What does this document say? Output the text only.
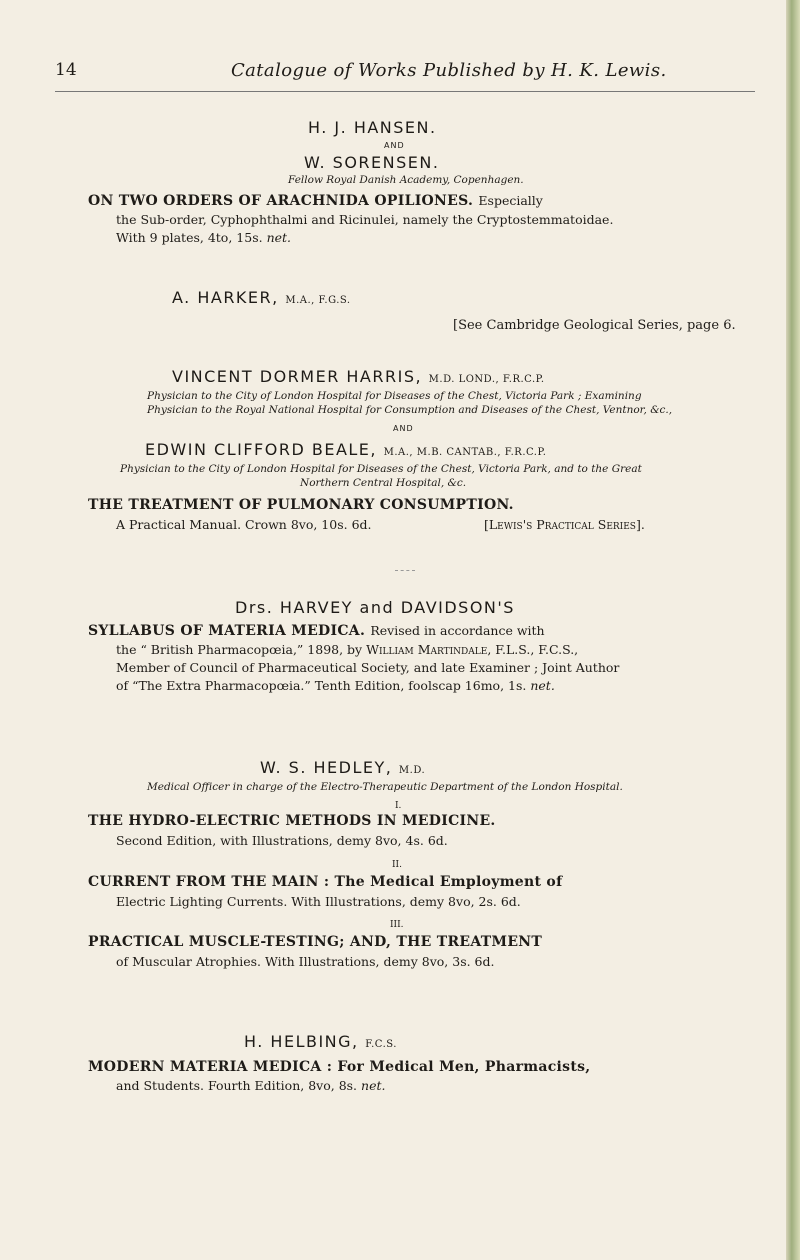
14	Catalogue of Works Published by H. K. Lewis.
H. J. HANSEN.
AND
W. SORENSEN.
Fellow Royal Danish Academy, Copenhagen.
ON TWO ORDERS OF ARACHNIDA OPILIONES. Especially
the Sub-order, Cyphophthalmi and Ricinulei, namely the Cryptostemmatoidae.
With 9 plates, 4to, 15s. net.
A. HARKER, M.A., F.G.S.
[See Cambridge Geological Series, page 6.
VINCENT DORMER HARRIS, M.D. LOND., F.R.C.P.
Physician to the City of London Hospital for Diseases of the Chest, Victoria Park ; Examining
Physician to the Royal National Hospital for Consumption and Diseases of the Chest, Ventnor, &c.,
AND
EDWIN CLIFFORD BEALE, M.A., M.B. CANTAB., F.R.C.P.
Physician to the City of London Hospital for Diseases of the Chest, Victoria Park, and to the Great
Northern Central Hospital, &c.
THE TREATMENT OF PULMONARY CONSUMPTION.
A Practical Manual. Crown 8vo, 10s. 6d.	[Lewis's Practical Series].
Drs. HARVEY and DAVIDSON'S
SYLLABUS OF MATERIA MEDICA. Revised in accordance with
the “ British Pharmacopœia,” 1898, by William Martindale, F.L.S., F.C.S.,
Member of Council of Pharmaceutical Society, and late Examiner ; Joint Author
of “The Extra Pharmacopœia.” Tenth Edition, foolscap 16mo, 1s. net.
W. S. HEDLEY, M.D.
Medical Officer in charge of the Electro-Therapeutic Department of the London Hospital.
I.
THE HYDRO-ELECTRIC METHODS IN MEDICINE.
Second Edition, with Illustrations, demy 8vo, 4s. 6d.
II.
CURRENT FROM THE MAIN : The Medical Employment of
Electric Lighting Currents. With Illustrations, demy 8vo, 2s. 6d.
III.
PRACTICAL MUSCLE-TESTING; AND, THE TREATMENT
of Muscular Atrophies. With Illustrations, demy 8vo, 3s. 6d.
H. HELBING, F.C.S.
MODERN MATERIA MEDICA : For Medical Men, Pharmacists,
and Students. Fourth Edition, 8vo, 8s. net.
